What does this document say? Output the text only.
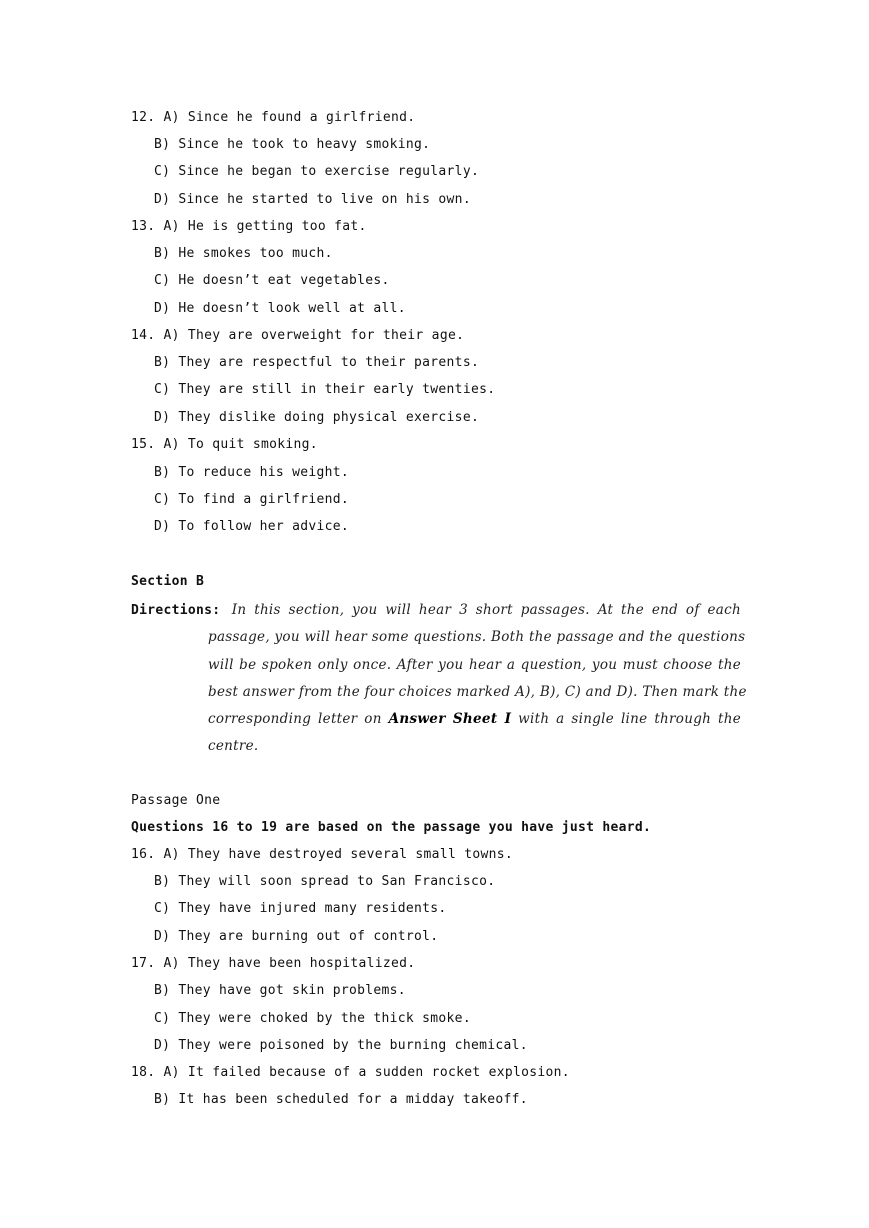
12. A) Since he found a girlfriend.
B) Since he took to heavy smoking.
C) Since he began to exercise regularly.
D) Since he started to live on his own.
13. A) He is getting too fat.
B) He smokes too much.
C) He doesn’t eat vegetables.
D) He doesn’t look well at all.
14. A) They are overweight for their age.
B) They are respectful to their parents.
C) They are still in their early twenties.
D) They dislike doing physical exercise.
15. A) To quit smoking.
B) To reduce his weight.
C) To find a girlfriend.
D) To follow her advice.
Section B
Directions: In this section, you will hear 3 short passages. At the end of each
passage, you will hear some questions. Both the passage and the questions
will be spoken only once. After you hear a question, you must choose the
best answer from the four choices marked A), B), C) and D). Then mark the
corresponding letter on Answer Sheet I with a single line through the
centre.
Passage One
Questions 16 to 19 are based on the passage you have just heard.
16. A) They have destroyed several small towns.
B) They will soon spread to San Francisco.
C) They have injured many residents.
D) They are burning out of control.
17. A) They have been hospitalized.
B) They have got skin problems.
C) They were choked by the thick smoke.
D) They were poisoned by the burning chemical.
18. A) It failed because of a sudden rocket explosion.
B) It has been scheduled for a midday takeoff.
